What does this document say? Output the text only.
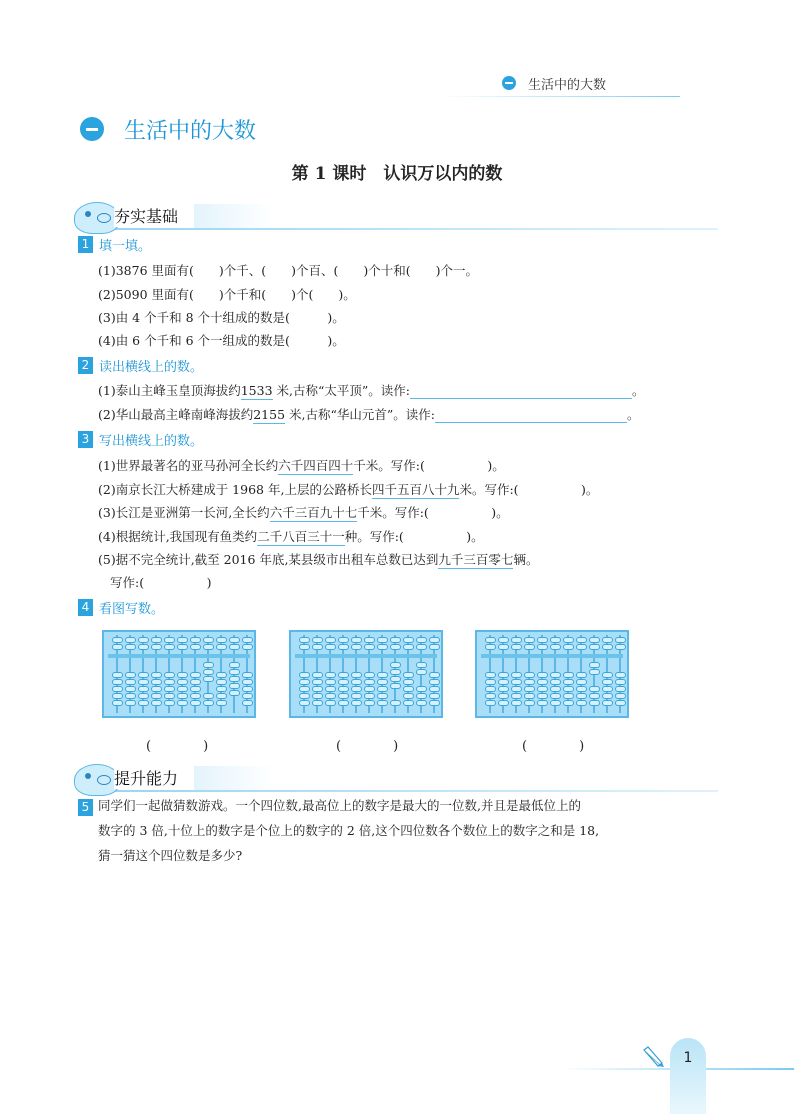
生活中的大数
生活中的大数
第 1 课时　认识万以内的数
夯实基础
1 填一填。
(1)3876 里面有(　　)个千、(　　)个百、(　　)个十和(　　)个一。
(2)5090 里面有(　　)个千和(　　)个(　　)。
(3)由 4 个千和 8 个十组成的数是(　　　)。
(4)由 6 个千和 6 个一组成的数是(　　　)。
2 读出横线上的数。
(1)泰山主峰玉皇顶海拔约1533 米,古称“太平顶”。读作:	。
(2)华山最高主峰南峰海拔约2155 米,古称“华山元首”。读作:	。
3 写出横线上的数。
(1)世界最著名的亚马孙河全长约六千四百四十千米。写作:(　　　　　)。
(2)南京长江大桥建成于 1968 年,上层的公路桥长四千五百八十九米。写作:(　　　　　)。
(3)长江是亚洲第一长河,全长约六千三百九十七千米。写作:(　　　　　)。
(4)根据统计,我国现有鱼类约二千八百三十一种。写作:(　　　　　)。
(5)据不完全统计,截至 2016 年底,某县级市出租车总数已达到九千三百零七辆。
写作:(　　　　　)
4 看图写数。
(　　　　)	(　　　　)	(　　　　)
提升能力
5 同学们一起做猜数游戏。一个四位数,最高位上的数字是最大的一位数,并且是最低位上的
数字的 3 倍,十位上的数字是个位上的数字的 2 倍,这个四位数各个数位上的数字之和是 18,
猜一猜这个四位数是多少?
1
